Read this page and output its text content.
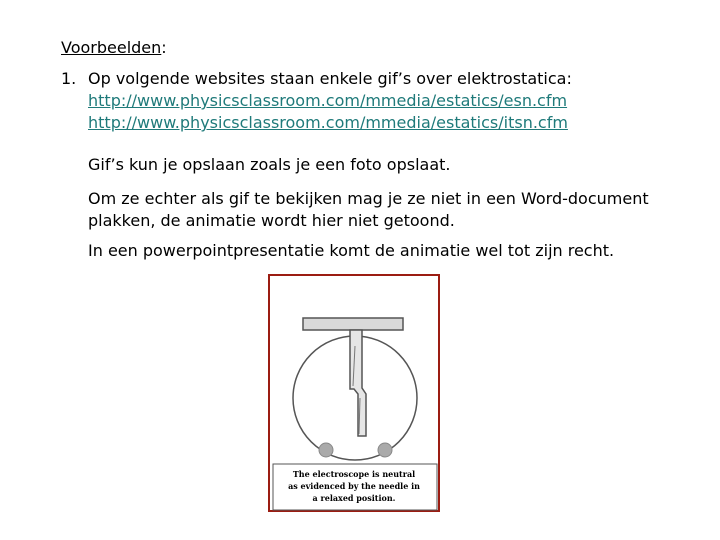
Voorbeelden:
1. Op volgende websites staan enkele gif’s over elektrostatica:
http://www.physicsclassroom.com/mmedia/estatics/esn.cfm
http://www.physicsclassroom.com/mmedia/estatics/itsn.cfm

Gif’s kun je opslaan zoals je een foto opslaat.

Om ze echter als gif te bekijken mag je ze niet in een Word-document plakken, de animatie wordt hier niet getoond.

In een powerpointpresentatie komt de animatie wel tot zijn recht.

The electroscope is neutral as evidenced by the needle in a relaxed position.
